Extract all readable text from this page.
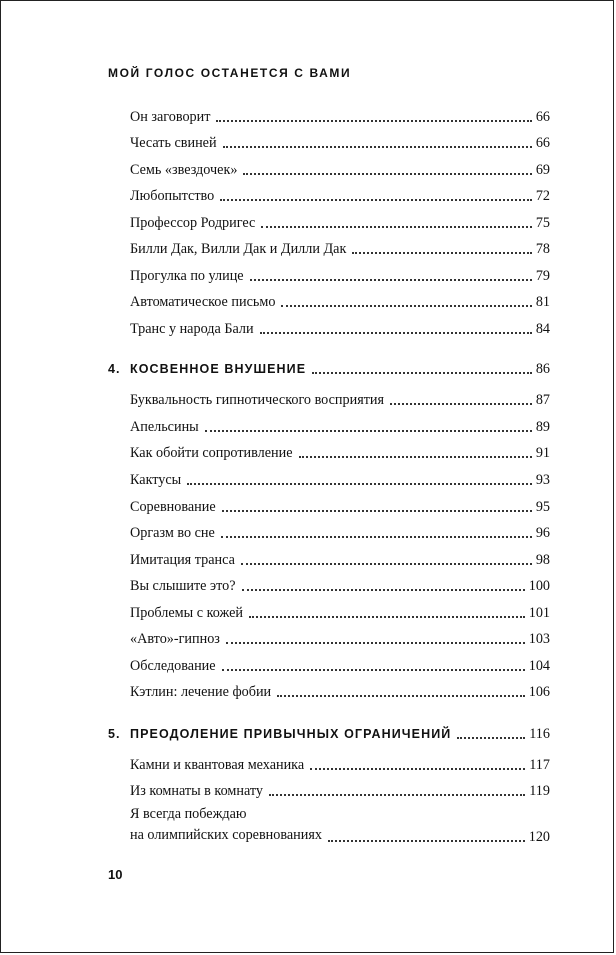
МОЙ ГОЛОС ОСТАНЕТСЯ С ВАМИ
Он заговорит	66
Чесать свиней	66
Семь «звездочек»	69
Любопытство	72
Профессор Родригес	75
Билли Дак, Вилли Дак и Дилли Дак	78
Прогулка по улице	79
Автоматическое письмо	81
Транс у народа Бали	84
4. КОСВЕННОЕ ВНУШЕНИЕ	86
Буквальность гипнотического восприятия	87
Апельсины	89
Как обойти сопротивление	91
Кактусы	93
Соревнование	95
Оргазм во сне	96
Имитация транса	98
Вы слышите это?	100
Проблемы с кожей	101
«Авто»-гипноз	103
Обследование	104
Кэтлин: лечение фобии	106
5. ПРЕОДОЛЕНИЕ ПРИВЫЧНЫХ ОГРАНИЧЕНИЙ	116
Камни и квантовая механика	117
Из комнаты в комнату	119
Я всегда побеждаю
на олимпийских соревнованиях	120
10
